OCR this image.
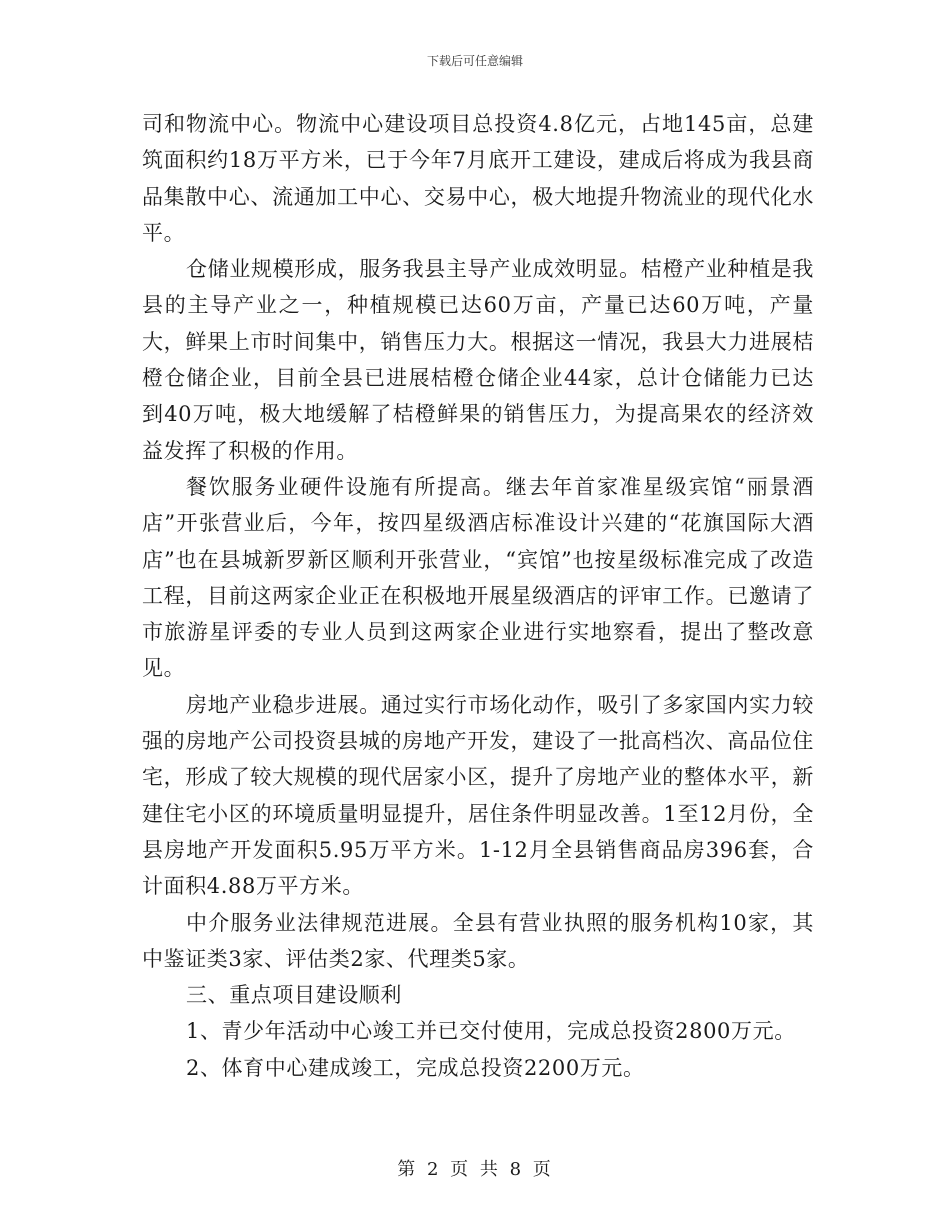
下载后可任意编辑

司和物流中心。物流中心建设项目总投资4.8亿元，占地145亩，总建筑面积约18万平方米，已于今年7月底开工建设，建成后将成为我县商品集散中心、流通加工中心、交易中心，极大地提升物流业的现代化水平。

仓储业规模形成，服务我县主导产业成效明显。桔橙产业种植是我县的主导产业之一，种植规模已达60万亩，产量已达60万吨，产量大，鲜果上市时间集中，销售压力大。根据这一情况，我县大力进展桔橙仓储企业，目前全县已进展桔橙仓储企业44家，总计仓储能力已达到40万吨，极大地缓解了桔橙鲜果的销售压力，为提高果农的经济效益发挥了积极的作用。

餐饮服务业硬件设施有所提高。继去年首家准星级宾馆“丽景酒店”开张营业后，今年，按四星级酒店标准设计兴建的“花旗国际大酒店”也在县城新罗新区顺利开张营业，“宾馆”也按星级标准完成了改造工程，目前这两家企业正在积极地开展星级酒店的评审工作。已邀请了市旅游星评委的专业人员到这两家企业进行实地察看，提出了整改意见。

房地产业稳步进展。通过实行市场化动作，吸引了多家国内实力较强的房地产公司投资县城的房地产开发，建设了一批高档次、高品位住宅，形成了较大规模的现代居家小区，提升了房地产业的整体水平，新建住宅小区的环境质量明显提升，居住条件明显改善。1至12月份，全县房地产开发面积5.95万平方米。1-12月全县销售商品房396套，合计面积4.88万平方米。

中介服务业法律规范进展。全县有营业执照的服务机构10家，其中鉴证类3家、评估类2家、代理类5家。

三、重点项目建设顺利

1、青少年活动中心竣工并已交付使用，完成总投资2800万元。

2、体育中心建成竣工，完成总投资2200万元。

第 2 页 共 8 页
